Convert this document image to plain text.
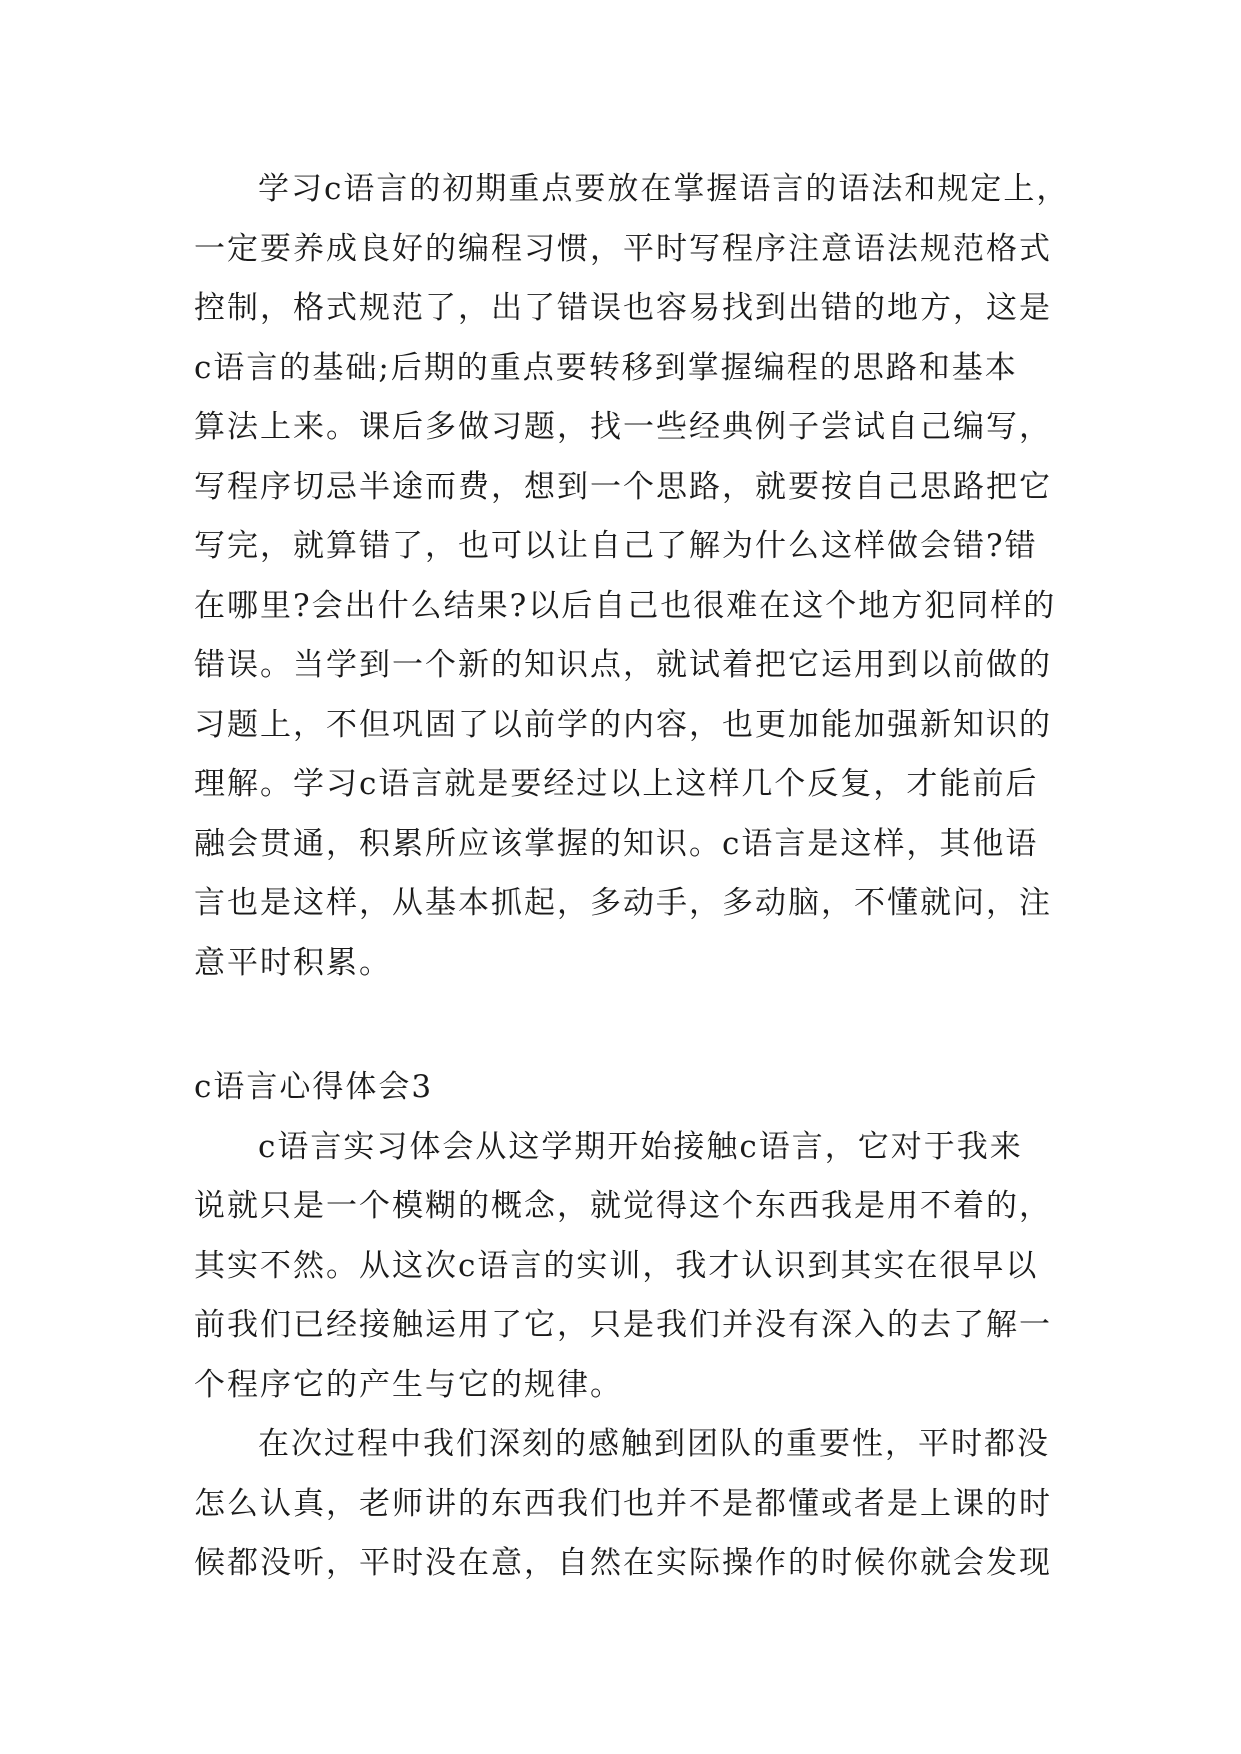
学习c语言的初期重点要放在掌握语言的语法和规定上，
一定要养成良好的编程习惯，平时写程序注意语法规范格式
控制，格式规范了，出了错误也容易找到出错的地方，这是
c语言的基础;后期的重点要转移到掌握编程的思路和基本
算法上来。课后多做习题，找一些经典例子尝试自己编写，
写程序切忌半途而费，想到一个思路，就要按自己思路把它
写完，就算错了，也可以让自己了解为什么这样做会错?错
在哪里?会出什么结果?以后自己也很难在这个地方犯同样的
错误。当学到一个新的知识点，就试着把它运用到以前做的
习题上，不但巩固了以前学的内容，也更加能加强新知识的
理解。学习c语言就是要经过以上这样几个反复，才能前后
融会贯通，积累所应该掌握的知识。c语言是这样，其他语
言也是这样，从基本抓起，多动手，多动脑，不懂就问，注
意平时积累。
c语言心得体会3
c语言实习体会从这学期开始接触c语言，它对于我来
说就只是一个模糊的概念，就觉得这个东西我是用不着的，
其实不然。从这次c语言的实训，我才认识到其实在很早以
前我们已经接触运用了它，只是我们并没有深入的去了解一
个程序它的产生与它的规律。
在次过程中我们深刻的感触到团队的重要性，平时都没
怎么认真，老师讲的东西我们也并不是都懂或者是上课的时
候都没听，平时没在意，自然在实际操作的时候你就会发现
